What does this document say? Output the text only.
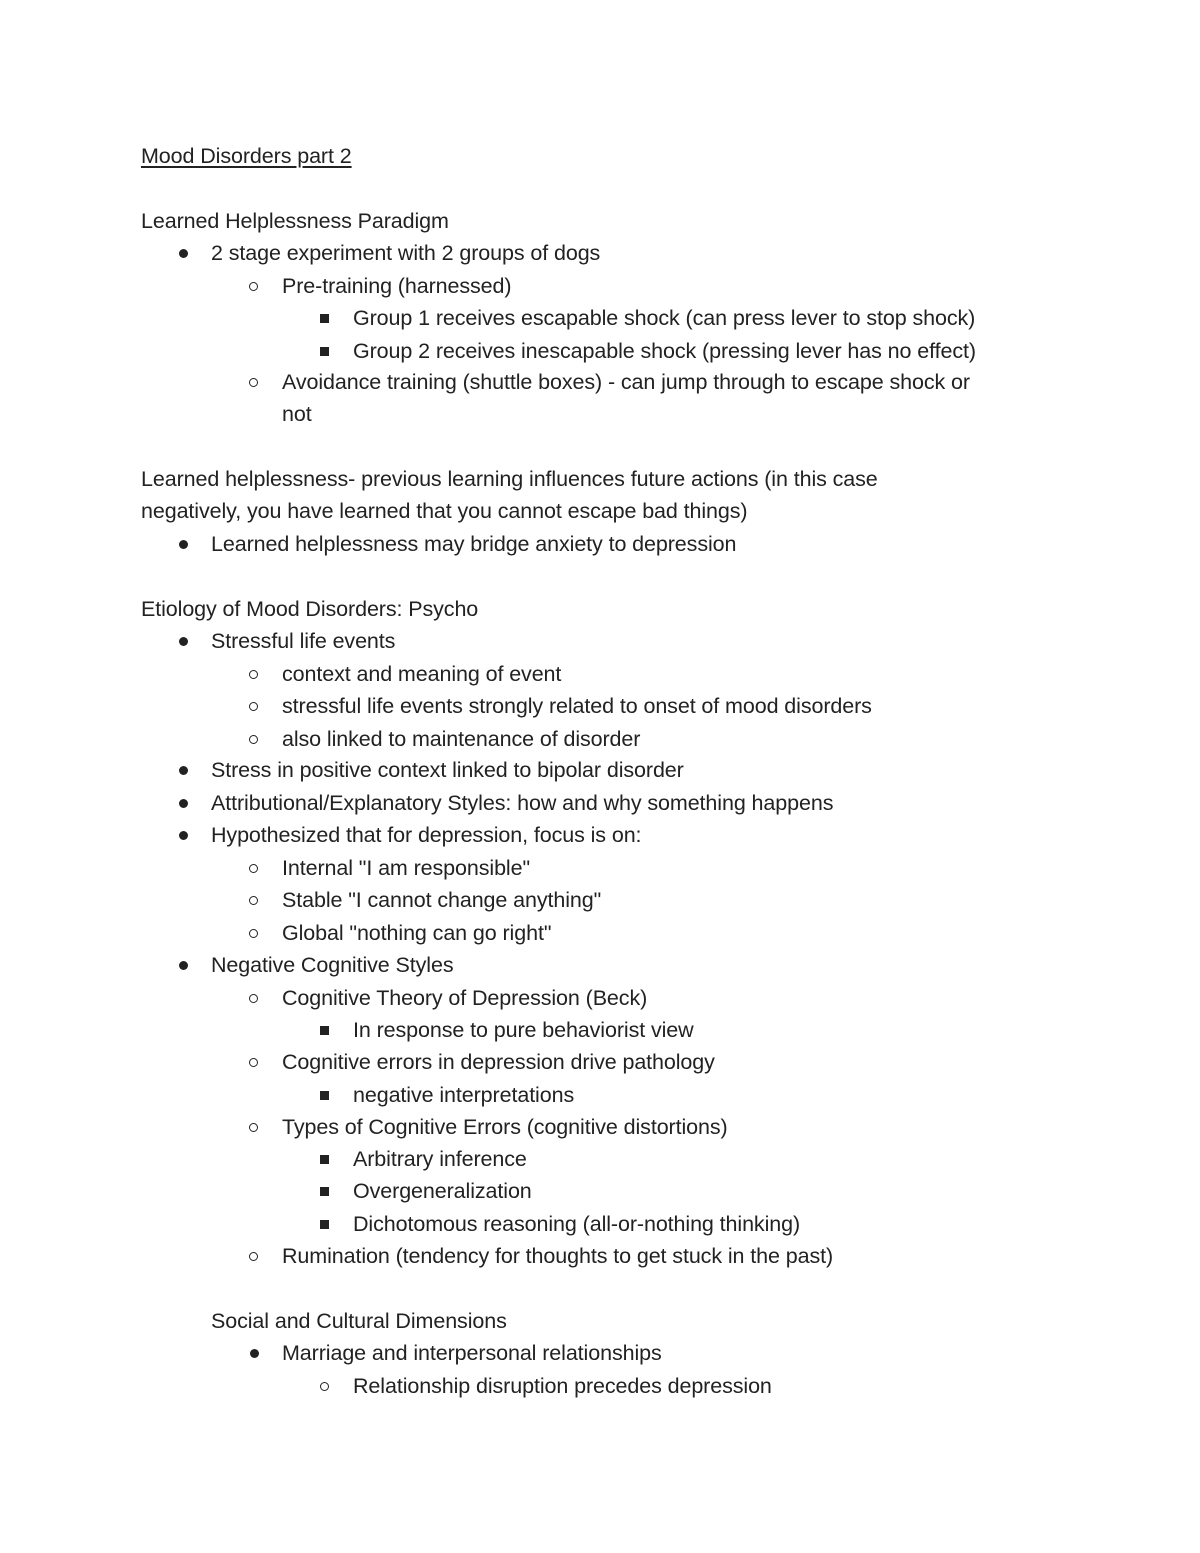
Mood Disorders part 2
Learned Helplessness Paradigm
2 stage experiment with 2 groups of dogs
Pre-training (harnessed)
Group 1 receives escapable shock (can press lever to stop shock)
Group 2 receives inescapable shock (pressing lever has no effect)
Avoidance training (shuttle boxes) - can jump through to escape shock or
not
Learned helplessness- previous learning influences future actions (in this case
negatively, you have learned that you cannot escape bad things)
Learned helplessness may bridge anxiety to depression
Etiology of Mood Disorders: Psycho
Stressful life events
context and meaning of event
stressful life events strongly related to onset of mood disorders
also linked to maintenance of disorder
Stress in positive context linked to bipolar disorder
Attributional/Explanatory Styles: how and why something happens
Hypothesized that for depression, focus is on:
Internal "I am responsible"
Stable "I cannot change anything"
Global "nothing can go right"
Negative Cognitive Styles
Cognitive Theory of Depression (Beck)
In response to pure behaviorist view
Cognitive errors in depression drive pathology
negative interpretations
Types of Cognitive Errors (cognitive distortions)
Arbitrary inference
Overgeneralization
Dichotomous reasoning (all-or-nothing thinking)
Rumination (tendency for thoughts to get stuck in the past)
Social and Cultural Dimensions
Marriage and interpersonal relationships
Relationship disruption precedes depression
